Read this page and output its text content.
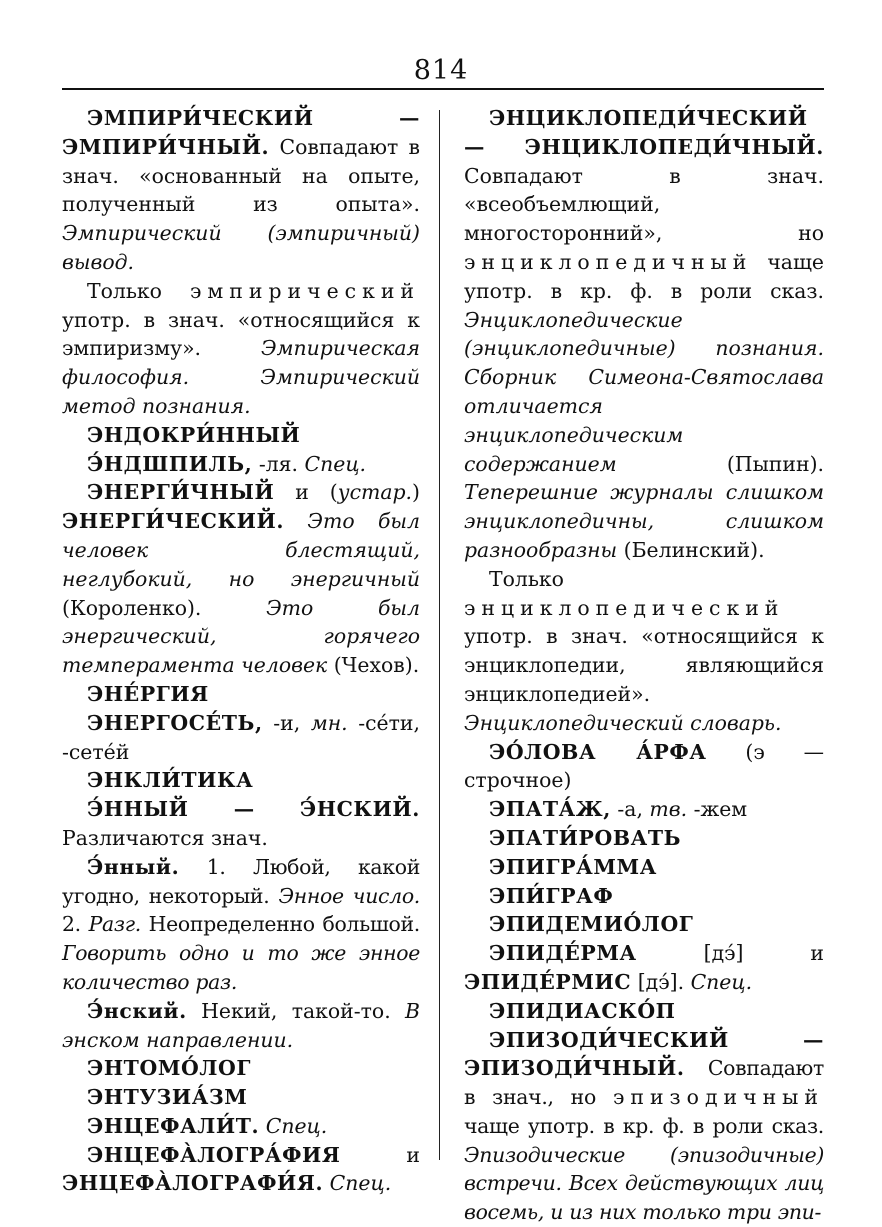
814

ЭМПИРИ́ЧЕСКИЙ — ЭМПИРИ́ЧНЫЙ. Совпадают в знач. «основанный на опыте, полученный из опыта». Эмпирический (эмпиричный) вывод.

Только эмпирический употр. в знач. «относящийся к эмпиризму». Эмпирическая философия. Эмпирический метод познания.

ЭНДОКРИ́ННЫЙ

Э́НДШПИЛЬ, -ля. Спец.

ЭНЕРГИ́ЧНЫЙ и (устар.) ЭНЕРГИ́ЧЕСКИЙ. Это был человек блестящий, неглубокий, но энергичный (Короленко). Это был энергический, горячего темперамента человек (Чехов).

ЭНЕ́РГИЯ

ЭНЕРГОСЕ́ТЬ, -и, мн. -се́ти, -сете́й

ЭНКЛИ́ТИКА

Э́ННЫЙ — Э́НСКИЙ. Различаются знач.

Э́нный. 1. Любой, какой угодно, некоторый. Энное число. 2. Разг. Неопределенно большой. Говорить одно и то же энное количество раз.

Э́нский. Некий, такой-то. В энском направлении.

ЭНТОМО́ЛОГ

ЭНТУЗИА́ЗМ

ЭНЦЕФАЛИ́Т. Спец.

ЭНЦЕФА̀ЛОГРА́ФИЯ и ЭНЦЕФА̀ЛОГРАФИ́Я. Спец.

ЭНЦИКЛОПЕДИ́ЧЕСКИЙ — ЭНЦИКЛОПЕДИ́ЧНЫЙ. Совпадают в знач. «всеобъемлющий, многосторонний», но энциклопедичный чаще употр. в кр. ф. в роли сказ. Энциклопедические (энциклопедичные) познания. Сборник Симеона-Святослава отличается энциклопедическим содержанием (Пыпин). Теперешние журналы слишком энциклопедичны, слишком разнообразны (Белинский).

Только энциклопедический употр. в знач. «относящийся к энциклопедии, являющийся энциклопедией». Энциклопедический словарь.

ЭО́ЛОВА А́РФА (э — строчное)

ЭПАТА́Ж, -а, тв. -жем

ЭПАТИ́РОВАТЬ

ЭПИГРА́ММА

ЭПИ́ГРАФ

ЭПИДЕМИО́ЛОГ

ЭПИДЕ́РМА [дэ́] и ЭПИДЕ́РМИС [дэ́]. Спец.

ЭПИДИАСКО́П

ЭПИЗОДИ́ЧЕСКИЙ — ЭПИЗОДИ́ЧНЫЙ. Совпадают в знач., но эпизодичный чаще употр. в кр. ф. в роли сказ. Эпизодические (эпизодичные) встречи. Всех действующих лиц восемь, и из них только три эпи-
